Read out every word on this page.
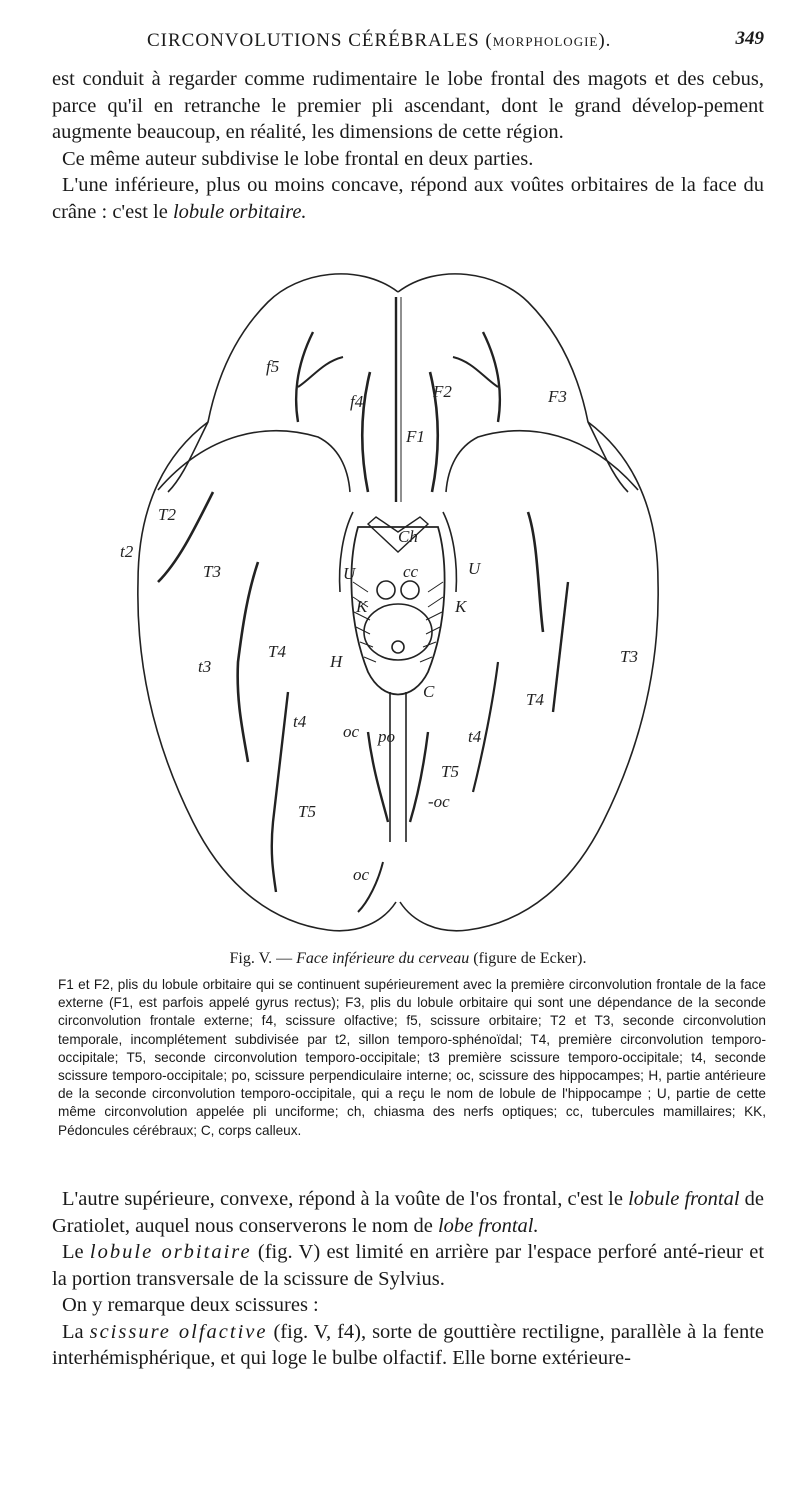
CIRCONVOLUTIONS CÉRÉBRALES (MORPHOLOGIE).	349

est conduit à regarder comme rudimentaire le lobe frontal des magots et des cebus, parce qu'il en retranche le premier pli ascendant, dont le grand dévelop-pement augmente beaucoup, en réalité, les dimensions de cette région.

Ce même auteur subdivise le lobe frontal en deux parties.

L'une inférieure, plus ou moins concave, répond aux voûtes orbitaires de la face du crâne : c'est le lobule orbitaire.

f5
f4
F2
F1
F3
T2
t2
T3
Ch
cc
U	U
K	K
t3
T4
H
C
T3
T4
t4
oc po	t4
T5
-oc
T5
oc
Fig. V. — Face inférieure du cerveau (figure de Ecker).
F1 et F2, plis du lobule orbitaire qui se continuent supérieurement avec la première circonvolution frontale de la face externe (F1, est parfois appelé gyrus rectus); F3, plis du lobule orbitaire qui sont une dépendance de la seconde circonvolution frontale externe; f4, scissure olfactive; f5, scissure orbitaire; T2 et T3, seconde circonvolution temporale, incomplétement subdivisée par t2, sillon temporo-sphénoïdal; T4, première circonvolution temporo-occipitale; T5, seconde circonvolution temporo-occipitale; t3 première scissure temporo-occipitale; t4, seconde scissure temporo-occipitale; po, scissure perpendiculaire interne; oc, scissure des hippocampes; H, partie antérieure de la seconde circonvolution temporo-occipitale, qui a reçu le nom de lobule de l'hippocampe ; U, partie de cette même circonvolution appelée pli unciforme; ch, chiasma des nerfs optiques; cc, tubercules mamillaires; KK, Pédoncules cérébraux; C, corps calleux.

L'autre supérieure, convexe, répond à la voûte de l'os frontal, c'est le lobule frontal de Gratiolet, auquel nous conserverons le nom de lobe frontal.

Le lobule orbitaire (fig. V) est limité en arrière par l'espace perforé anté-rieur et la portion transversale de la scissure de Sylvius.

On y remarque deux scissures :

La scissure olfactive (fig. V, f4), sorte de gouttière rectiligne, parallèle à la fente interhémisphérique, et qui loge le bulbe olfactif. Elle borne extérieure-
